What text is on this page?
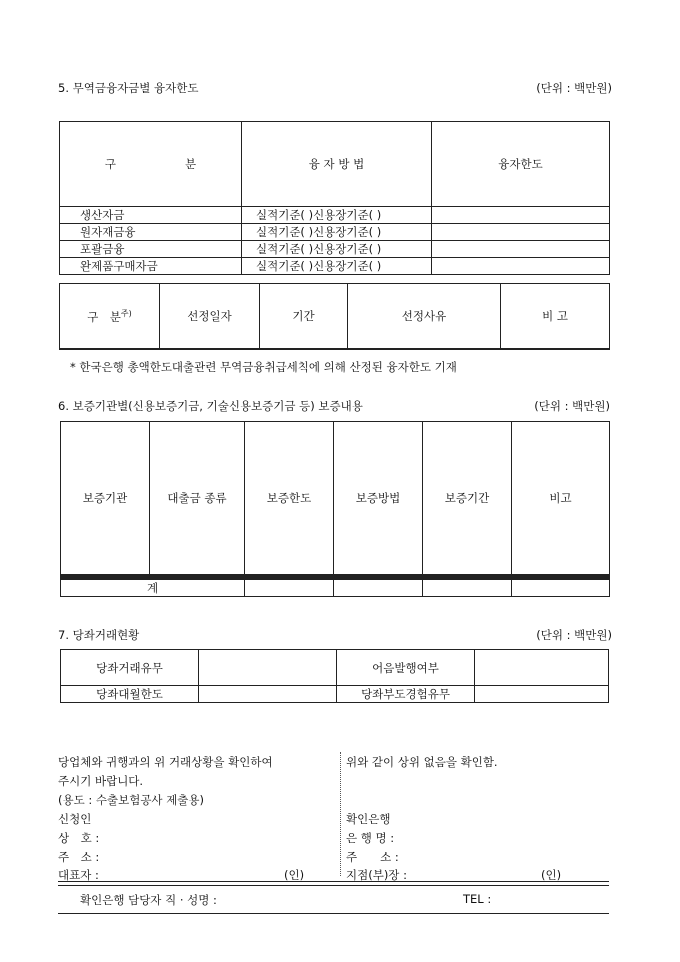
5. 무역금융자금별 융자한도	(단위 : 백만원)
구　　　　　　분	융 자 방 법	융자한도
생산자금	실적기준( )신용장기준( )	
원자재금융	실적기준( )신용장기준( )	
포괄금융	실적기준( )신용장기준( )	
완제품구매자금	실적기준( )신용장기준( )	
구　분$^{주)}$	선정일자	기간	선정사유	비 고

* 한국은행 총액한도대출관련 무역금융취급세칙에 의해 산정된 융자한도 기재
6. 보증기관별(신용보증기금, 기술신용보증기금 등) 보증내용	(단위 : 백만원)
보증기관	대출금 종류	보증한도	보증방법	보증기간	비고

계					
7. 당좌거래현황	(단위 : 백만원)
당좌거래유무		어음발행여부	
당좌대월한도		당좌부도경험유무	
당업체와 귀행과의 위 거래상황을 확인하여
주시기 바랍니다.
(용도 : 수출보험공사 제출용)
신청인
상　호 :
주　소 :
대표자 :	(인)
위와 같이 상위 없음을 확인함.
확인은행
은 행 명 :
주　　소 :
지점(부)장 :	(인)
확인은행 담당자 직 · 성명 :	TEL :
